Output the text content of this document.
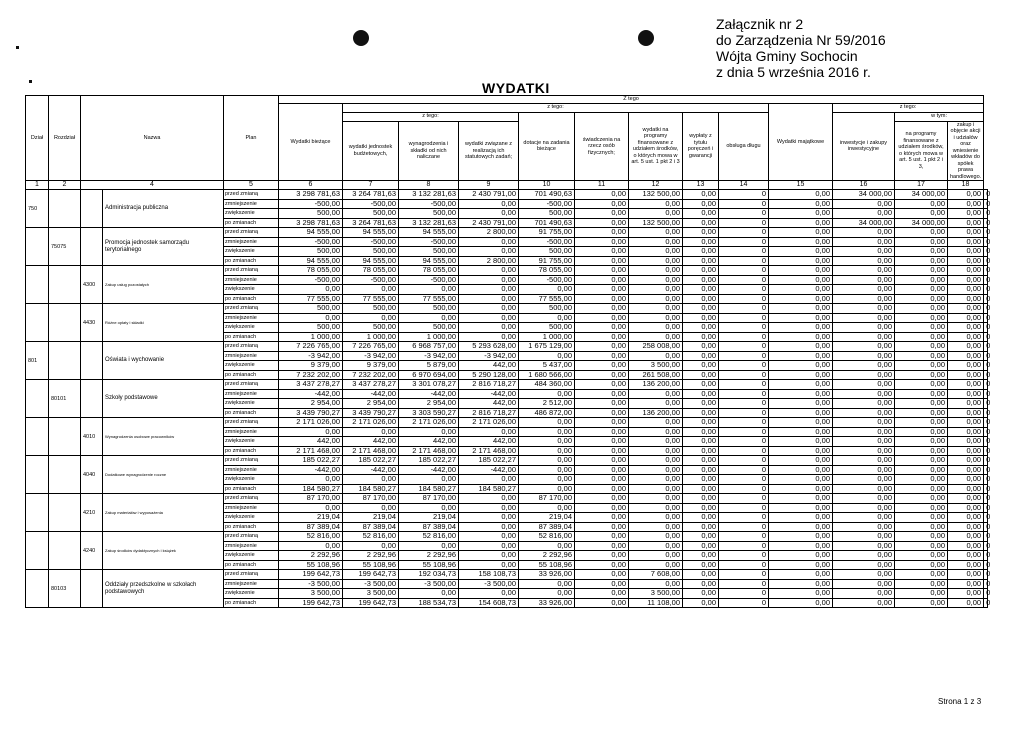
Załącznik nr 2
do Zarządzenia Nr 59/2016
Wójta Gminy Sochocin
z dnia 5 września 2016 r.
WYDATKI
Dział	Rozdział	Nazwa		Plan	Z tego													
					Wydatki bieżące	z tego:								Wydatki majątkowe	z tego:			
						z tego:			dotacje na zadania bieżące	świadczenia na rzecz osób fizycznych;	wydatki na programy finansowane z udziałem środków, o których mowa w art. 5 ust. 1 pkt 2 i 3	wypłaty z tytułu poręczeń i gwarancji	obsługa długu		inwestycje i zakupy inwestycyjne	w tym:		
						wydatki jednostek budżetowych,	wynagrodzenia i składki od nich naliczane	wydatki związane z realizacją ich statutowych zadań;								na programy finansowane z udziałem środków, o których mowa w art. 5 ust. 1 pkt 2 i 3,	zakup i objęcie akcji i udziałów oraz wniesienie wkładów do spółek prawa handlowego.	

1	2	4		5	6	7	8	9	10	11	12	13	14	15	16	17	18	
750			Administracja publiczna	przed zmianą	3 298 781,63	3 264 781,63	3 132 281,63	2 430 791,00	701 490,63	0,00	132 500,00	0,00	0	0,00	34 000,00	34 000,00	0,00	0
				zmniejszenie	-500,00	-500,00	-500,00	0,00	-500,00	0,00	0,00	0,00	0	0,00	0,00	0,00	0,00	0
				zwiększenie	500,00	500,00	500,00	0,00	500,00	0,00	0,00	0,00	0	0,00	0,00	0,00	0,00	0
				po zmianach	3 298 781,63	3 264 781,63	3 132 281,63	2 430 791,00	701 490,63	0,00	132 500,00	0,00	0	0,00	34 000,00	34 000,00	0,00	0
	75075		Promocja jednostek samorządu terytorialnego	przed zmianą	94 555,00	94 555,00	94 555,00	2 800,00	91 755,00	0,00	0,00	0,00	0	0,00	0,00	0,00	0,00	0
				zmniejszenie	-500,00	-500,00	-500,00	0,00	-500,00	0,00	0,00	0,00	0	0,00	0,00	0,00	0,00	0
				zwiększenie	500,00	500,00	500,00	0,00	500,00	0,00	0,00	0,00	0	0,00	0,00	0,00	0,00	0
				po zmianach	94 555,00	94 555,00	94 555,00	2 800,00	91 755,00	0,00	0,00	0,00	0	0,00	0,00	0,00	0,00	0
		4300	Zakup usług pozostałych	przed zmianą	78 055,00	78 055,00	78 055,00	0,00	78 055,00	0,00	0,00	0,00	0	0,00	0,00	0,00	0,00	0
				zmniejszenie	-500,00	-500,00	-500,00	0,00	-500,00	0,00	0,00	0,00	0	0,00	0,00	0,00	0,00	0
				zwiększenie	0,00	0,00	0,00	0,00	0,00	0,00	0,00	0,00	0	0,00	0,00	0,00	0,00	0
				po zmianach	77 555,00	77 555,00	77 555,00	0,00	77 555,00	0,00	0,00	0,00	0	0,00	0,00	0,00	0,00	0
		4430	Różne opłaty i składki	przed zmianą	500,00	500,00	500,00	0,00	500,00	0,00	0,00	0,00	0	0,00	0,00	0,00	0,00	0
				zmniejszenie	0,00	0,00	0,00	0,00	0,00	0,00	0,00	0,00	0	0,00	0,00	0,00	0,00	0
				zwiększenie	500,00	500,00	500,00	0,00	500,00	0,00	0,00	0,00	0	0,00	0,00	0,00	0,00	0
				po zmianach	1 000,00	1 000,00	1 000,00	0,00	1 000,00	0,00	0,00	0,00	0	0,00	0,00	0,00	0,00	0
801			Oświata i wychowanie	przed zmianą	7 226 765,00	7 226 765,00	6 968 757,00	5 293 628,00	1 675 129,00	0,00	258 008,00	0,00	0	0,00	0,00	0,00	0,00	0
				zmniejszenie	-3 942,00	-3 942,00	-3 942,00	-3 942,00	0,00	0,00	0,00	0,00	0	0,00	0,00	0,00	0,00	0
				zwiększenie	9 379,00	9 379,00	5 879,00	442,00	5 437,00	0,00	3 500,00	0,00	0	0,00	0,00	0,00	0,00	0
				po zmianach	7 232 202,00	7 232 202,00	6 970 694,00	5 290 128,00	1 680 566,00	0,00	261 508,00	0,00	0	0,00	0,00	0,00	0,00	0
	80101		Szkoły podstawowe	przed zmianą	3 437 278,27	3 437 278,27	3 301 078,27	2 816 718,27	484 360,00	0,00	136 200,00	0,00	0	0,00	0,00	0,00	0,00	0
				zmniejszenie	-442,00	-442,00	-442,00	-442,00	0,00	0,00	0,00	0,00	0	0,00	0,00	0,00	0,00	0
				zwiększenie	2 954,00	2 954,00	2 954,00	442,00	2 512,00	0,00	0,00	0,00	0	0,00	0,00	0,00	0,00	0
				po zmianach	3 439 790,27	3 439 790,27	3 303 590,27	2 816 718,27	486 872,00	0,00	136 200,00	0,00	0	0,00	0,00	0,00	0,00	0
		4010	Wynagrodzenia osobowe pracowników	przed zmianą	2 171 026,00	2 171 026,00	2 171 026,00	2 171 026,00	0,00	0,00	0,00	0,00	0	0,00	0,00	0,00	0,00	0
				zmniejszenie	0,00	0,00	0,00	0,00	0,00	0,00	0,00	0,00	0	0,00	0,00	0,00	0,00	0
				zwiększenie	442,00	442,00	442,00	442,00	0,00	0,00	0,00	0,00	0	0,00	0,00	0,00	0,00	0
				po zmianach	2 171 468,00	2 171 468,00	2 171 468,00	2 171 468,00	0,00	0,00	0,00	0,00	0	0,00	0,00	0,00	0,00	0
		4040	Dodatkowe wynagrodzenie roczne	przed zmianą	185 022,27	185 022,27	185 022,27	185 022,27	0,00	0,00	0,00	0,00	0	0,00	0,00	0,00	0,00	0
				zmniejszenie	-442,00	-442,00	-442,00	-442,00	0,00	0,00	0,00	0,00	0	0,00	0,00	0,00	0,00	0
				zwiększenie	0,00	0,00	0,00	0,00	0,00	0,00	0,00	0,00	0	0,00	0,00	0,00	0,00	0
				po zmianach	184 580,27	184 580,27	184 580,27	184 580,27	0,00	0,00	0,00	0,00	0	0,00	0,00	0,00	0,00	0
		4210	Zakup materiałów i wyposażenia	przed zmianą	87 170,00	87 170,00	87 170,00	0,00	87 170,00	0,00	0,00	0,00	0	0,00	0,00	0,00	0,00	0
				zmniejszenie	0,00	0,00	0,00	0,00	0,00	0,00	0,00	0,00	0	0,00	0,00	0,00	0,00	0
				zwiększenie	219,04	219,04	219,04	0,00	219,04	0,00	0,00	0,00	0	0,00	0,00	0,00	0,00	0
				po zmianach	87 389,04	87 389,04	87 389,04	0,00	87 389,04	0,00	0,00	0,00	0	0,00	0,00	0,00	0,00	0
		4240	Zakup środków dydaktycznych i książek	przed zmianą	52 816,00	52 816,00	52 816,00	0,00	52 816,00	0,00	0,00	0,00	0	0,00	0,00	0,00	0,00	0
				zmniejszenie	0,00	0,00	0,00	0,00	0,00	0,00	0,00	0,00	0	0,00	0,00	0,00	0,00	0
				zwiększenie	2 292,96	2 292,96	2 292,96	0,00	2 292,96	0,00	0,00	0,00	0	0,00	0,00	0,00	0,00	0
				po zmianach	55 108,96	55 108,96	55 108,96	0,00	55 108,96	0,00	0,00	0,00	0	0,00	0,00	0,00	0,00	0
	80103		Oddziały przedszkolne w szkołach podstawowych	przed zmianą	199 642,73	199 642,73	192 034,73	158 108,73	33 926,00	0,00	7 608,00	0,00	0	0,00	0,00	0,00	0,00	0
				zmniejszenie	-3 500,00	-3 500,00	-3 500,00	-3 500,00	0,00	0,00	0,00	0,00	0	0,00	0,00	0,00	0,00	0
				zwiększenie	3 500,00	3 500,00	0,00	0,00	0,00	0,00	3 500,00	0,00	0	0,00	0,00	0,00	0,00	0
				po zmianach	199 642,73	199 642,73	188 534,73	154 608,73	33 926,00	0,00	11 108,00	0,00	0	0,00	0,00	0,00	0,00	0
Strona 1 z 3
